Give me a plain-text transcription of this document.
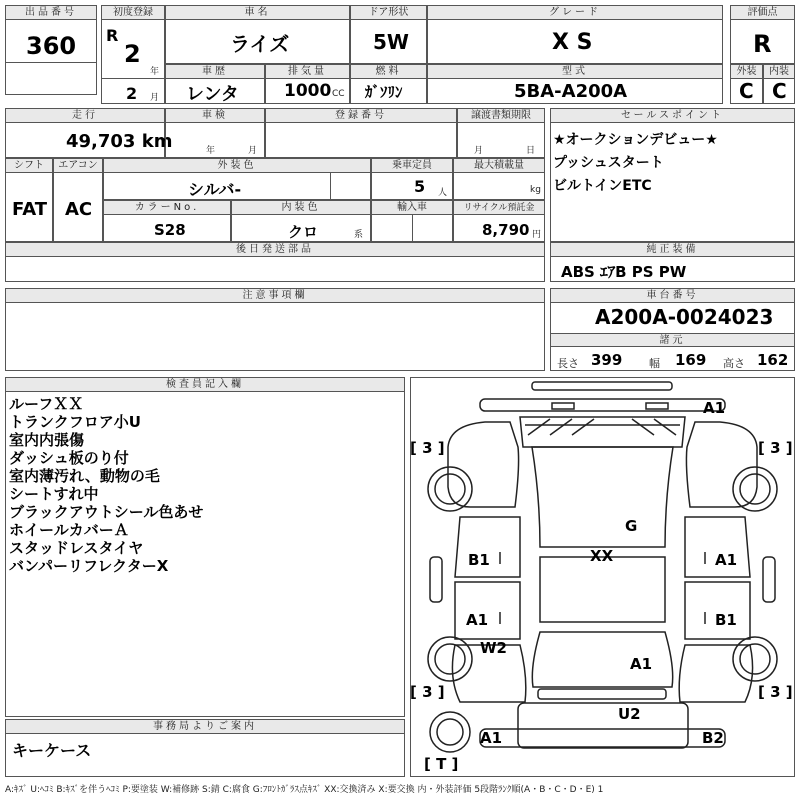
出品番号
360
初度登録
R
2
年
2 月
車名
ライズ
ドア形状
5W
グレード
X S
評価点
R
車歴
レンタ
排気量
1000 CC
燃料
ｶﾞｿﾘﾝ
型式
5BA-A200A
外装
C
内装
C
走行
49,703 km
車検
年	月
登録番号	譲渡書類期限
月	日
シフト
FAT
エアコン
AC
外装色
シルバ-
乗車定員
5 人
最大積載量
kg
カラーNo.
S28
内装色
クロ	系
輸入車	リサイクル預託金
8,790 円
後日発送部品
注意事項欄
セールスポイント
★オークションデビュー★
プッシュスタート
ビルトインETC
純正装備
ABS ｴｱB PS PW
車台番号
A200A-0024023
諸元
長さ 399 幅 169 高さ 162
検査員記入欄
ルーフＸＸ
トランクフロア小U
室内内張傷
ダッシュ板のり付
室内薄汚れ、動物の毛
シートすれ中
ブラックアウトシール色あせ
ホイールカバーＡ
スタッドレスタイヤ
バンパーリフレクターX
事務局よりご案内
キーケース
A1
[ 3 ]	[ 3 ]
G
B1	XX	A1
A1	B1
W2
A1
[ 3 ]	[ 3 ]
U2
A1	B2
[ T ]
A:ｷｽﾞ U:ﾍｺﾐ B:ｷｽﾞを伴うﾍｺﾐ P:要塗装 W:補修跡 S:錆 C:腐食 G:ﾌﾛﾝﾄｶﾞﾗｽ点ｷｽﾞ XX:交換済み X:要交換 内・外装評価 5段階ﾗﾝｸ順(A・B・C・D・E) 1
